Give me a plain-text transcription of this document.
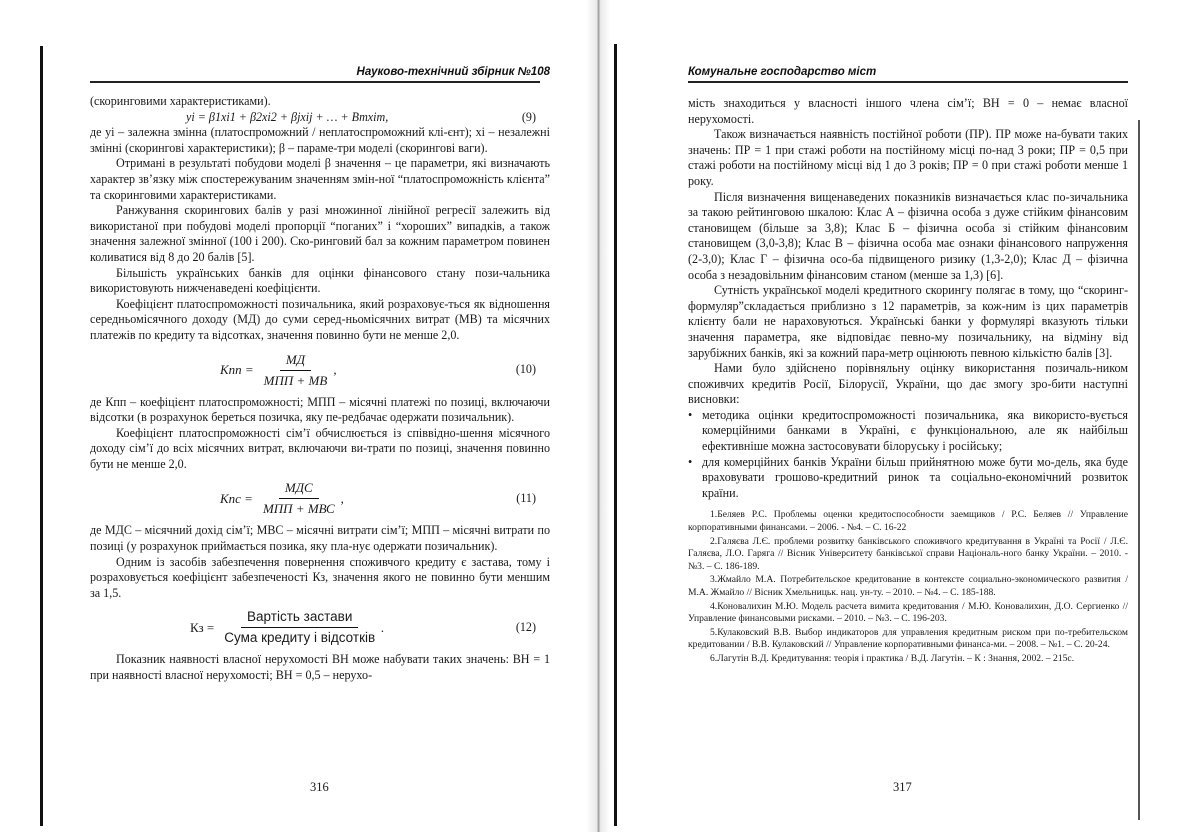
Науково-технічний збірник №108

(скоринговими характеристиками).

yi = β1xi1 + β2xi2 + βjxij + … + Bmxim,	(9)

де yi – залежна змінна (платоспроможний / неплатоспроможний клі-єнт); xi – незалежні змінні (скорингові характеристики); β – параме-три моделі (скорингові ваги).

Отримані в результаті побудови моделі β значення – це параметри, які визначають характер зв’язку між спостережуваним значенням змін-ної “платоспроможність клієнта” та скоринговими характеристиками.

Ранжування скорингових балів у разі множинної лінійної регресії залежить від використаної при побудові моделі пропорції “поганих” і “хороших” випадків, а також значення залежної змінної (100 і 200). Ско-ринговий бал за кожним параметром повинен коливатися від 8 до 20 балів [5].

Більшість українських банків для оцінки фінансового стану пози-чальника використовують нижченаведені коефіцієнти.

Коефіцієнт платоспроможності позичальника, який розраховує-ться як відношення середньомісячного доходу (МД) до суми серед-ньомісячних витрат (МВ) та місячних платежів по кредиту та відсотках, значення повинно бути не менше 2,0.

Кпп = $\frac{МД}{\text{МПП + МВ}}$ ,	(10)

де Кпп – коефіцієнт платоспроможності; МПП – місячні платежі по позиці, включаючи відсотки (в розрахунок береться позичка, яку пе-редбачає одержати позичальник).

Коефіцієнт платоспроможності сім’ї обчислюється із співвідно-шення місячного доходу сім’ї до всіх місячних витрат, включаючи ви-трати по позиці, значення повинно бути не менше 2,0.

Кпс = $\frac{\text{МДС}}{\text{МПП + МВС}}$ ,	(11)

де МДС – місячний дохід сім’ї; МВС – місячні витрати сім’ї; МПП – місячні витрати по позиці (у розрахунок приймається позика, яку пла-нує одержати позичальник).

Одним із засобів забезпечення повернення споживчого кредиту є застава, тому і розраховується коефіцієнт забезпеченості Кз, значення якого не повинно бути меншим за 1,5.

Кз = $\frac{\text{Вартість застави}}{\text{Сума кредиту і відсотків}}$ .	(12)

Показник наявності власної нерухомості ВН може набувати таких значень: ВН = 1 при наявності власної нерухомості; ВН = 0,5 – нерухо-

316
Комунальне господарство міст

мість знаходиться у власності іншого члена сім’ї; ВН = 0 – немає власної нерухомості.

Також визначається наявність постійної роботи (ПР). ПР може на-бувати таких значень: ПР = 1 при стажі роботи на постійному місці по-над 3 роки; ПР = 0,5 при стажі роботи на постійному місці від 1 до 3 років; ПР = 0 при стажі роботи менше 1 року.

Після визначення вищенаведених показників визначається клас по-зичальника за такою рейтинговою шкалою: Клас А – фізична особа з дуже стійким фінансовим становищем (більше за 3,8); Клас Б – фізична особа зі стійким фінансовим становищем (3,0-3,8); Клас В – фізична особа має ознаки фінансового напруження (2-3,0); Клас Г – фізична осо-ба підвищеного ризику (1,3-2,0); Клас Д – фізична особа з незадовільним фінансовим станом (менше за 1,3) [6].

Сутність української моделі кредитного скорингу полягає в тому, що “скоринг-формуляр”складається приблизно з 12 параметрів, за кож-ним із цих параметрів клієнту бали не нараховуються. Українські банки у формулярі вказують тільки значення параметра, яке відповідає певно-му позичальнику, на відміну від зарубіжних банків, які за кожний пара-метр оцінюють певною кількістю балів [3].

Нами було здійснено порівняльну оцінку використання позичаль-ником споживчих кредитів Росії, Білорусії, України, що дає змогу зро-бити наступні висновки:

• методика оцінки кредитоспроможності позичальника, яка використо-вується комерційними банками в Україні, є функціональною, але як найбільш ефективніше можна застосовувати білоруську і російську;
• для комерційних банків України більш прийнятною може бути мо-дель, яка буде враховувати грошово-кредитний ринок та соціально-економічний розвиток країни.

1.Беляев Р.С. Проблемы оценки кредитоспособности заемщиков / Р.С. Беляев // Управление корпоративными финансами. – 2006. - №4. – С. 16-22

2.Галяєва Л.Є. проблеми розвитку банківського споживчого кредитування в Україні та Росії / Л.Є. Галяєва, Л.О. Гаряга // Вісник Університету банківської справи Національ-ного банку України. – 2010. - №3. – С. 186-189.

3.Жмайло М.А. Потребительское кредитование в контексте социально-экономического развития / М.А. Жмайло // Вісник Хмельницьк. нац. ун-ту. – 2010. – №4. – С. 185-188.

4.Коновалихин М.Ю. Модель расчета вимита кредитования / М.Ю. Коновалихин, Д.О. Сергиенко // Управление финансовыми рисками. – 2010. – №3. – С. 196-203.

5.Кулаковский В.В. Выбор индикаторов для управления кредитным риском при по-требительском кредитовании / В.В. Кулаковский // Управление корпоративными финанса-ми. – 2008. – №1. – С. 20-24.

6.Лагутін В.Д. Кредитування: теорія і практика / В.Д. Лагутін. – К : Знання, 2002. – 215с.

317
